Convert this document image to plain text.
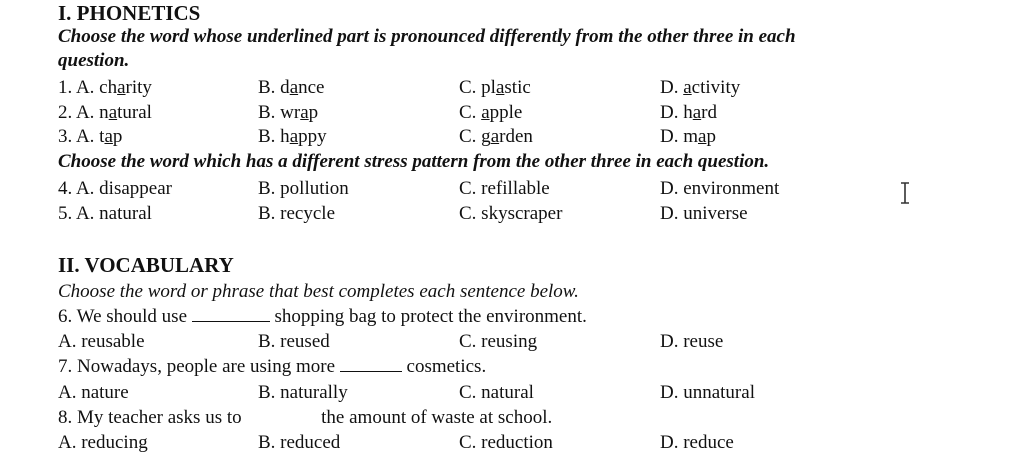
I. PHONETICS
Choose the word whose underlined part is pronounced differently from the other three in each
question.
1. A. charity	B. dance	C. plastic	D. activity
2. A. natural	B. wrap	C. apple	D. hard
3. A. tap	B. happy	C. garden	D. map
Choose the word which has a different stress pattern from the other three in each question.
4. A. disappear	B. pollution	C. refillable	D. environment
5. A. natural	B. recycle	C. skyscraper	D. universe
II. VOCABULARY
Choose the word or phrase that best completes each sentence below.
6. We should use	shopping bag to protect the environment.
A. reusable	B. reused	C. reusing	D. reuse
7. Nowadays, people are using more	cosmetics.
A. nature	B. naturally	C. natural	D. unnatural
8. My teacher asks us to	the amount of waste at school.
A. reducing	B. reduced	C. reduction	D. reduce
